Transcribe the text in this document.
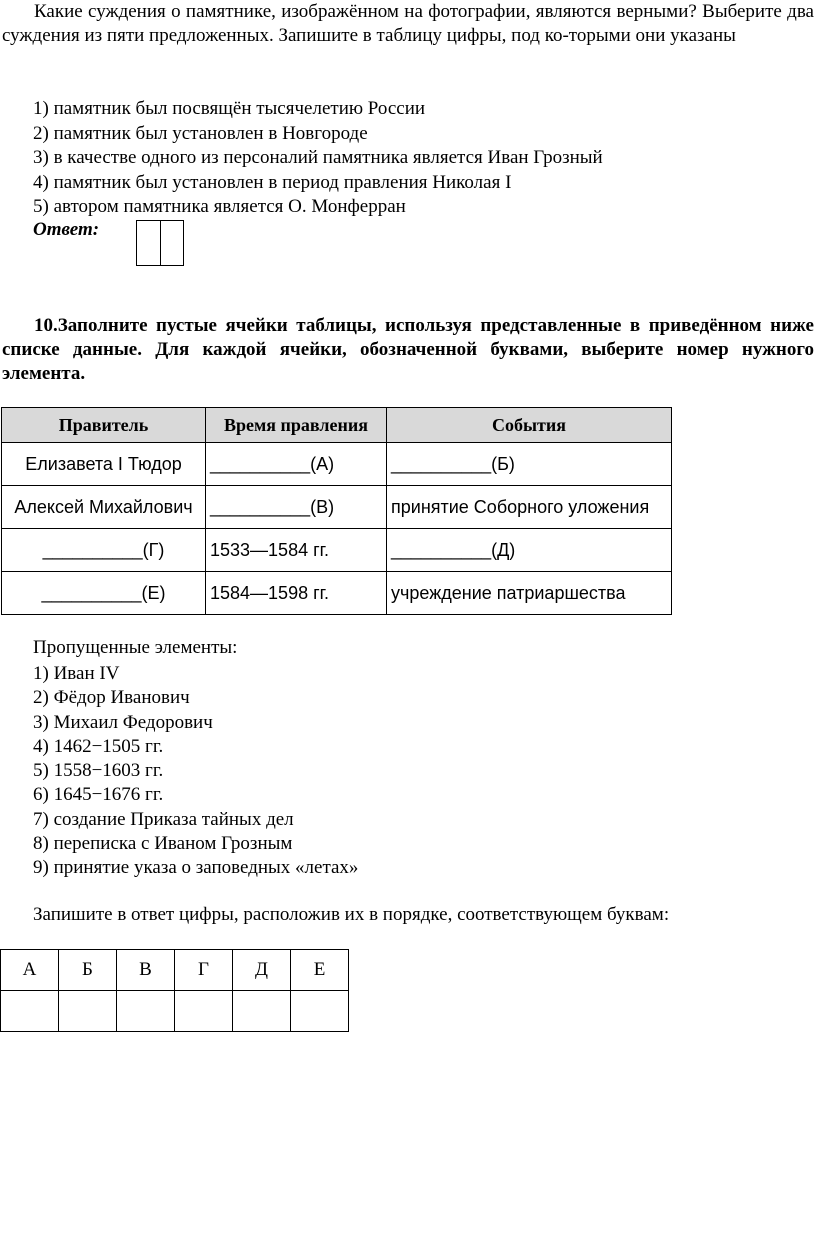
Какие суждения о памятнике, изображённом на фотографии, являются верными? Выберите два суждения из пяти предложенных. Запишите в таблицу цифры, под ко-торыми они указаны
1) памятник был посвящён тысячелетию России
2) памятник был установлен в Новгороде
3) в качестве одного из персоналий памятника является Иван Грозный
4) памятник был установлен в период правления Николая I
5) автором памятника является О. Монферран
Ответ:
10.Заполните пустые ячейки таблицы, используя представленные в приведённом ниже списке данные. Для каждой ячейки, обозначенной буквами, выберите номер нужного элемента.
Правитель	Время правления	События
Елизавета I Тюдор	__________(А)	__________(Б)
Алексей Михайлович	__________(В)	принятие Соборного уложения
__________(Г)	1533—1584 гг.	__________(Д)
__________(Е)	1584—1598 гг.	учреждение патриаршества
Пропущенные элементы:
1) Иван IV
2) Фёдор Иванович
3) Михаил Федорович
4) 1462−1505 гг.
5) 1558−1603 гг.
6) 1645−1676 гг.
7) создание Приказа тайных дел
8) переписка с Иваном Грозным
9) принятие указа о заповедных «летах»
Запишите в ответ цифры, расположив их в порядке, соответствующем буквам:
А	Б	В	Г	Д	Е
